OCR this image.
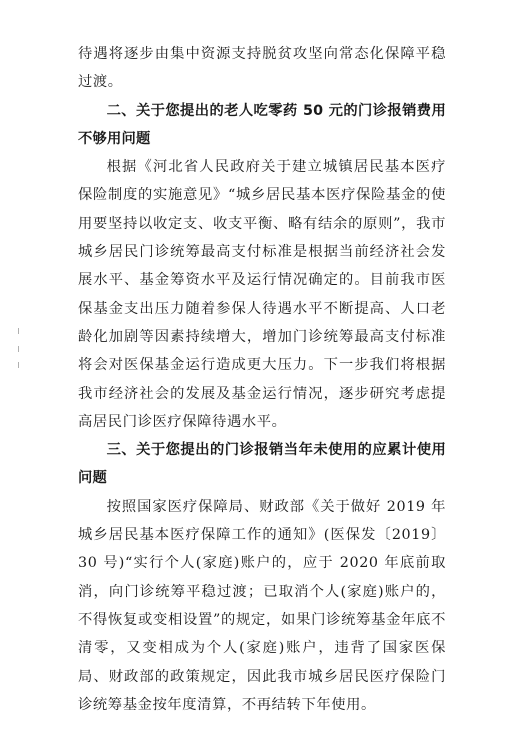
待遇将逐步由集中资源支持脱贫攻坚向常态化保障平稳过渡。

二、关于您提出的老人吃零药 50 元的门诊报销费用不够用问题

根据《河北省人民政府关于建立城镇居民基本医疗保险制度的实施意见》“城乡居民基本医疗保险基金的使用要坚持以收定支、收支平衡、略有结余的原则”，我市城乡居民门诊统筹最高支付标准是根据当前经济社会发展水平、基金筹资水平及运行情况确定的。目前我市医保基金支出压力随着参保人待遇水平不断提高、人口老龄化加剧等因素持续增大，增加门诊统筹最高支付标准将会对医保基金运行造成更大压力。下一步我们将根据我市经济社会的发展及基金运行情况，逐步研究考虑提高居民门诊医疗保障待遇水平。

三、关于您提出的门诊报销当年未使用的应累计使用问题

按照国家医疗保障局、财政部《关于做好 2019 年城乡居民基本医疗保障工作的通知》(医保发〔2019〕30 号)“实行个人(家庭)账户的，应于 2020 年底前取消，向门诊统筹平稳过渡；已取消个人(家庭)账户的，不得恢复或变相设置”的规定，如果门诊统筹基金年底不清零，又变相成为个人(家庭)账户，违背了国家医保局、财政部的政策规定，因此我市城乡居民医疗保险门诊统筹基金按年度清算，不再结转下年使用。
